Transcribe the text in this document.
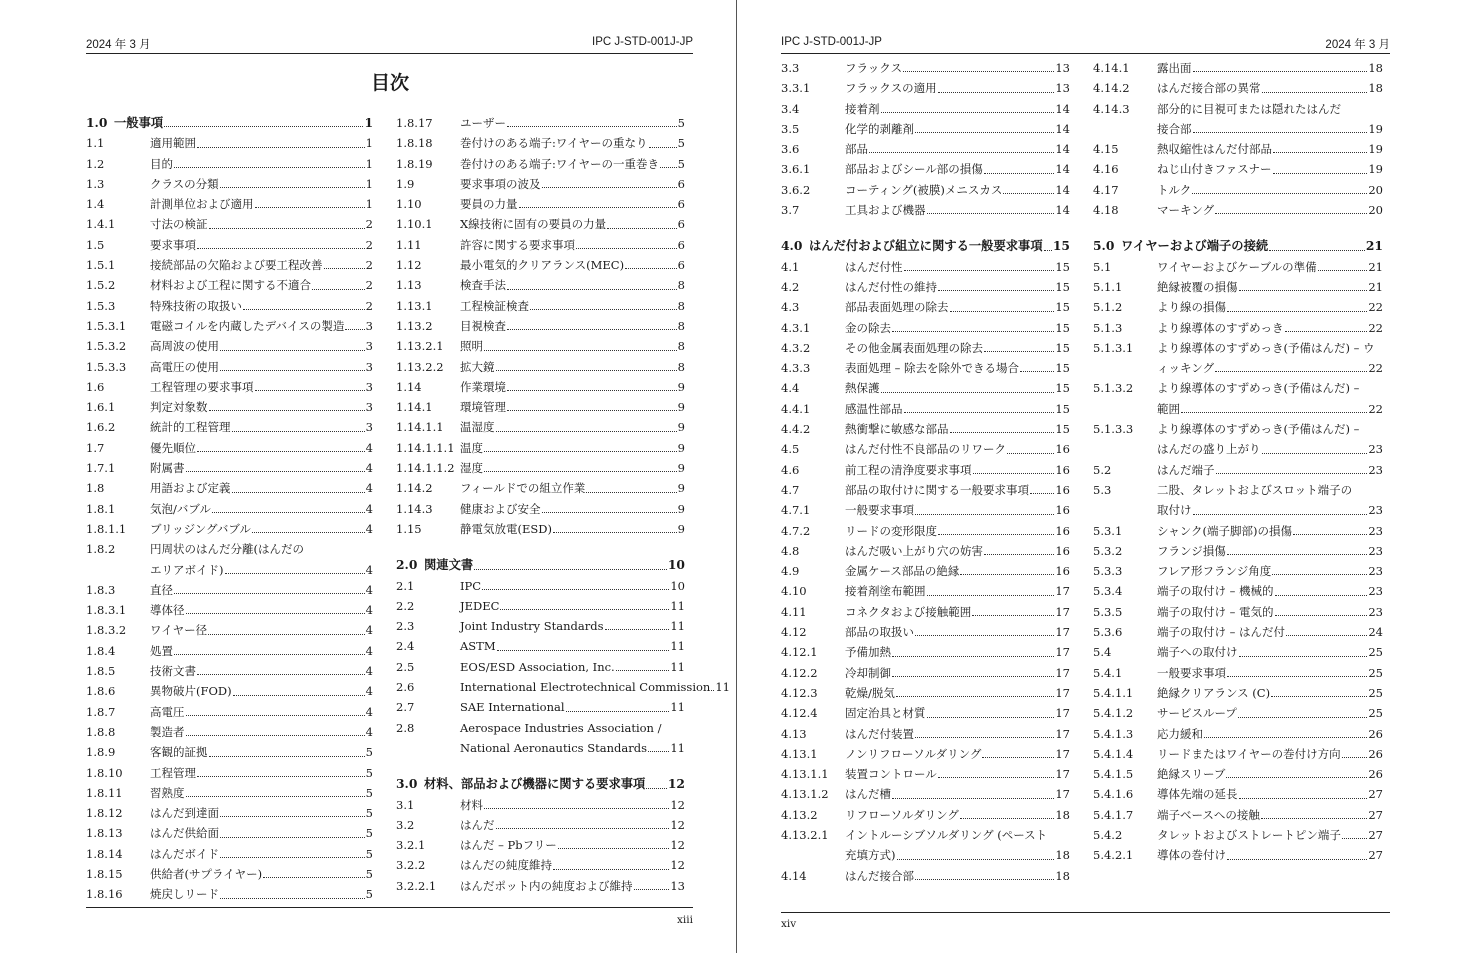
2024 年 3 月	IPC J-STD-001J-JP
目次
1.0 一般事項	1
1.1	適用範囲	1
1.2	目的	1
1.3	クラスの分類	1
1.4	計測単位および適用	1
1.4.1	寸法の検証	2
1.5	要求事項	2
1.5.1	接続部品の欠陥および要工程改善	2
1.5.2	材料および工程に関する不適合	2
1.5.3	特殊技術の取扱い	2
1.5.3.1 電磁コイルを内蔵したデバイスの製造 3
1.5.3.2 高周波の使用	3
1.5.3.3 高電圧の使用	3
1.6	工程管理の要求事項	3
1.6.1	判定対象数	3
1.6.2	統計的工程管理	3
1.7	優先順位	4
1.7.1	附属書	4
1.8	用語および定義	4
1.8.1	気泡/バブル	4
1.8.1.1 ブリッジングバブル	4
1.8.2	円周状のはんだ分離(はんだの
エリアボイド)	4
1.8.3	直径	4
1.8.3.1 導体径	4
1.8.3.2 ワイヤー径	4
1.8.4	処置	4
1.8.5	技術文書	4
1.8.6	異物破片(FOD)	4
1.8.7	高電圧	4
1.8.8	製造者	4
1.8.9	客観的証拠	5
1.8.10 工程管理	5
1.8.11 習熟度	5
1.8.12 はんだ到達面	5
1.8.13 はんだ供給面	5
1.8.14 はんだボイド	5
1.8.15 供給者(サプライヤー)	5
1.8.16 焼戻しリード	5
1.8.17 ユーザー	5
1.8.18 巻付けのある端子:ワイヤーの重なり	5
1.8.19 巻付けのある端子:ワイヤーの一重巻き 5
1.9	要求事項の波及	6
1.10	要員の力量	6
1.10.1 X線技術に固有の要員の力量	6
1.11	許容に関する要求事項	6
1.12	最小電気的クリアランス(MEC)	6
1.13	検査手法	8
1.13.1 工程検証検査	8
1.13.2 目視検査	8
1.13.2.1 照明	8
1.13.2.2 拡大鏡	8
1.14	作業環境	9
1.14.1 環境管理	9
1.14.1.1 温湿度	9
1.14.1.1.1 温度	9
1.14.1.1.2 湿度	9
1.14.2 フィールドでの組立作業	9
1.14.3 健康および安全	9
1.15	静電気放電(ESD)	9
2.0 関連文書	10
2.1	IPC	10
2.2	JEDEC	11
2.3	Joint Industry Standards	11
2.4	ASTM	11
2.5	EOS/ESD Association, Inc.	11
2.6	International Electrotechnical Commission 11
2.7	SAE International	11
2.8	Aerospace Industries Association /
National Aeronautics Standards 11
3.0 材料、部品および機器に関する要求事項 12
3.1	材料	12
3.2	はんだ	12
3.2.1	はんだ – Pbフリー	12
3.2.2	はんだの純度維持	12
3.2.2.1 はんだポット内の純度および維持	13
xiii
IPC J-STD-001J-JP	2024 年 3 月
3.3	フラックス	13
3.3.1	フラックスの適用	13
3.4	接着剤	14
3.5	化学的剥離剤	14
3.6	部品	14
3.6.1	部品およびシール部の損傷	14
3.6.2	コーティング(被膜)メニスカス	14
3.7	工具および機器	14
4.0 はんだ付および組立に関する一般要求事項 15
4.1	はんだ付性	15
4.2	はんだ付性の維持	15
4.3	部品表面処理の除去	15
4.3.1	金の除去	15
4.3.2	その他金属表面処理の除去	15
4.3.3	表面処理 – 除去を除外できる場合	15
4.4	熱保護	15
4.4.1	感温性部品	15
4.4.2	熱衝撃に敏感な部品	15
4.5	はんだ付性不良部品のリワーク	16
4.6	前工程の清浄度要求事項	16
4.7	部品の取付けに関する一般要求事項 16
4.7.1	一般要求事項	16
4.7.2	リードの変形限度	16
4.8	はんだ吸い上がり穴の妨害	16
4.9	金属ケース部品の絶縁	16
4.10	接着剤塗布範囲	17
4.11	コネクタおよび接触範囲	17
4.12	部品の取扱い	17
4.12.1 予備加熱	17
4.12.2 冷却制御	17
4.12.3 乾燥/脱気	17
4.12.4 固定治具と材質	17
4.13	はんだ付装置	17
4.13.1 ノンリフローソルダリング	17
4.13.1.1 装置コントロール	17
4.13.1.2 はんだ槽	17
4.13.2 リフローソルダリング	18
4.13.2.1 イントルーシブソルダリング (ペースト
充填方式)	18
4.14	はんだ接合部	18
4.14.1 露出面	18
4.14.2 はんだ接合部の異常	18
4.14.3 部分的に目視可または隠れたはんだ
接合部	19
4.15	熱収縮性はんだ付部品	19
4.16	ねじ山付きファスナー	19
4.17	トルク	20
4.18	マーキング	20
5.0 ワイヤーおよび端子の接続	21
5.1	ワイヤーおよびケーブルの準備	21
5.1.1	絶縁被覆の損傷	21
5.1.2	より線の損傷	22
5.1.3	より線導体のすずめっき	22
5.1.3.1 より線導体のすずめっき(予備はんだ) – ウ
ィッキング	22
5.1.3.2 より線導体のすずめっき(予備はんだ) –
範囲	22
5.1.3.3 より線導体のすずめっき(予備はんだ) –
はんだの盛り上がり	23
5.2	はんだ端子	23
5.3	二股、タレットおよびスロット端子の
取付け	23
5.3.1	シャンク(端子脚部)の損傷	23
5.3.2	フランジ損傷	23
5.3.3	フレア形フランジ角度	23
5.3.4	端子の取付け – 機械的	23
5.3.5	端子の取付け – 電気的	23
5.3.6	端子の取付け – はんだ付	24
5.4	端子への取付け	25
5.4.1	一般要求事項	25
5.4.1.1 絶縁クリアランス (C)	25
5.4.1.2 サービスループ	25
5.4.1.3 応力緩和	26
5.4.1.4 リードまたはワイヤーの巻付け方向 26
5.4.1.5 絶縁スリーブ	26
5.4.1.6 導体先端の延長	27
5.4.1.7 端子ベースへの接触	27
5.4.2	タレットおよびストレートピン端子 27
5.4.2.1 導体の巻付け	27
xiv
